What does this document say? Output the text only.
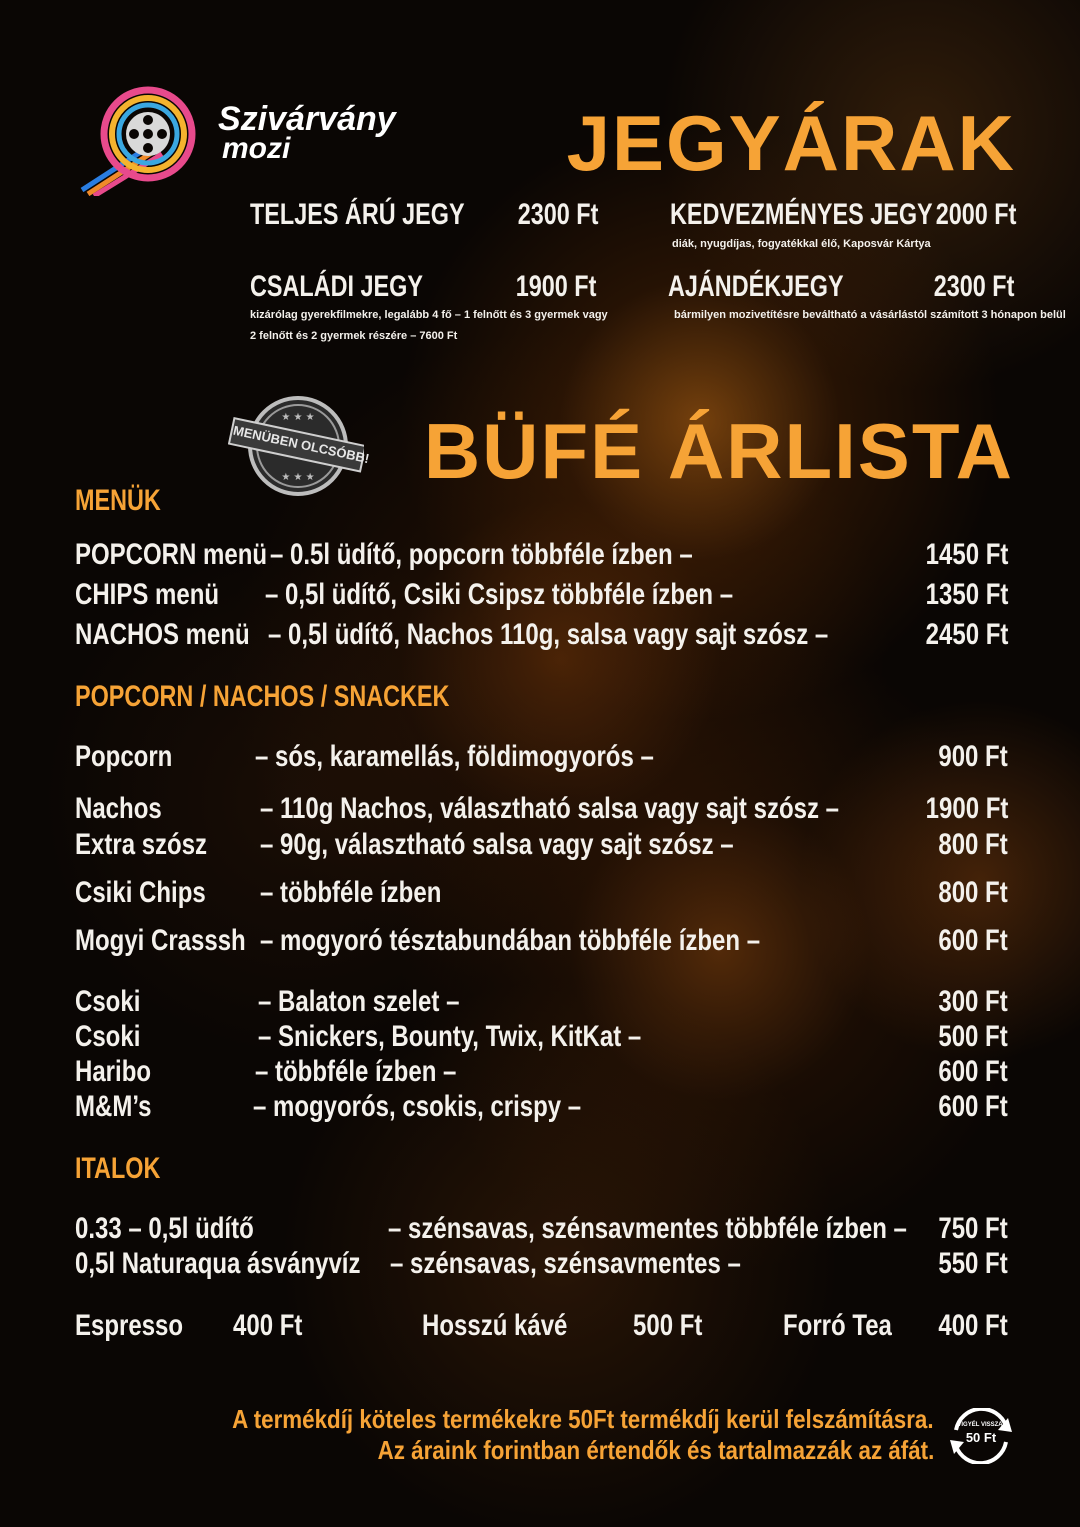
Szivárvány
mozi	JEGYÁRAK
TELJES ÁRÚ JEGY 2300 Ft KEDVEZMÉNYES JEGY 2000 Ft
diák, nyugdíjas, fogyatékkal élő, Kaposvár Kártya
CSALÁDI JEGY	1900 Ft
kizárólag gyerekfilmekre, legalább 4 fő – 1 felnőtt és 3 gyermek vagy
2 felnőtt és 2 gyermek részére – 7600 Ft
AJÁNDÉKJEGY	2300 Ft
bármilyen mozivetítésre beváltható a vásárlástól számított 3 hónapon belül
★ ★ ★
★ ★ ★
MENÜBEN OLCSÓBB! BÜFÉ ÁRLISTA
MENÜK
POPCORN menü – 0.5l üdítő, popcorn többféle ízben –	1450 Ft
CHIPS menü – 0,5l üdítő, Csiki Csipsz többféle ízben –	1350 Ft
NACHOS menü – 0,5l üdítő, Nachos 110g, salsa vagy sajt szósz –	2450 Ft
POPCORN / NACHOS / SNACKEK
Popcorn	– sós, karamellás, földimogyorós –	900 Ft
Nachos	– 110g Nachos, választható salsa vagy sajt szósz –	1900 Ft
Extra szósz – 90g, választható salsa vagy sajt szósz –	800 Ft
Csiki Chips – többféle ízben	800 Ft
Mogyi Crasssh – mogyoró tésztabundában többféle ízben –	600 Ft
Csoki	– Balaton szelet –	300 Ft
Csoki	– Snickers, Bounty, Twix, KitKat –	500 Ft
Haribo	– többféle ízben –	600 Ft
M&M’s	– mogyorós, csokis, crispy –	600 Ft
ITALOK
0.33 – 0,5l üdítő	– szénsavas, szénsavmentes többféle ízben – 750 Ft
0,5l Naturaqua ásványvíz – szénsavas, szénsavmentes –	550 Ft
Espresso 400 Ft	Hosszú kávé 500 Ft	Forró Tea 400 Ft
A termékdíj köteles termékekre 50Ft termékdíj kerül felszámításra.
Az áraink forintban értendők és tartalmazzák az áfát.
VIGYÉL VISSZA!
50 Ft
